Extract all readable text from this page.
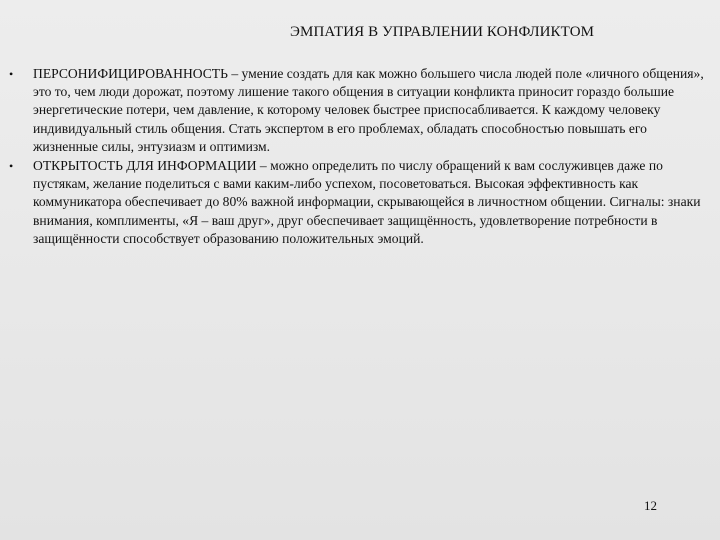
ЭМПАТИЯ В УПРАВЛЕНИИ КОНФЛИКТОМ
• ПЕРСОНИФИЦИРОВАННОСТЬ – умение создать для как можно большего числа людей поле «личного общения», это то, чем люди дорожат, поэтому лишение такого общения в ситуации конфликта приносит гораздо большие энергетические потери, чем давление, к которому человек быстрее приспосабливается. К каждому человеку индивидуальный стиль общения. Стать экспертом в его проблемах, обладать способностью повышать его жизненные силы, энтузиазм и оптимизм.

• ОТКРЫТОСТЬ ДЛЯ ИНФОРМАЦИИ – можно определить по числу обращений к вам сослуживцев даже по пустякам, желание поделиться с вами каким-либо успехом, посоветоваться. Высокая эффективность как коммуникатора обеспечивает до 80% важной информации, скрывающейся в личностном общении. Сигналы: знаки внимания, комплименты, «Я – ваш друг», друг обеспечивает защищённость, удовлетворение потребности в защищённости способствует образованию положительных эмоций.

12
